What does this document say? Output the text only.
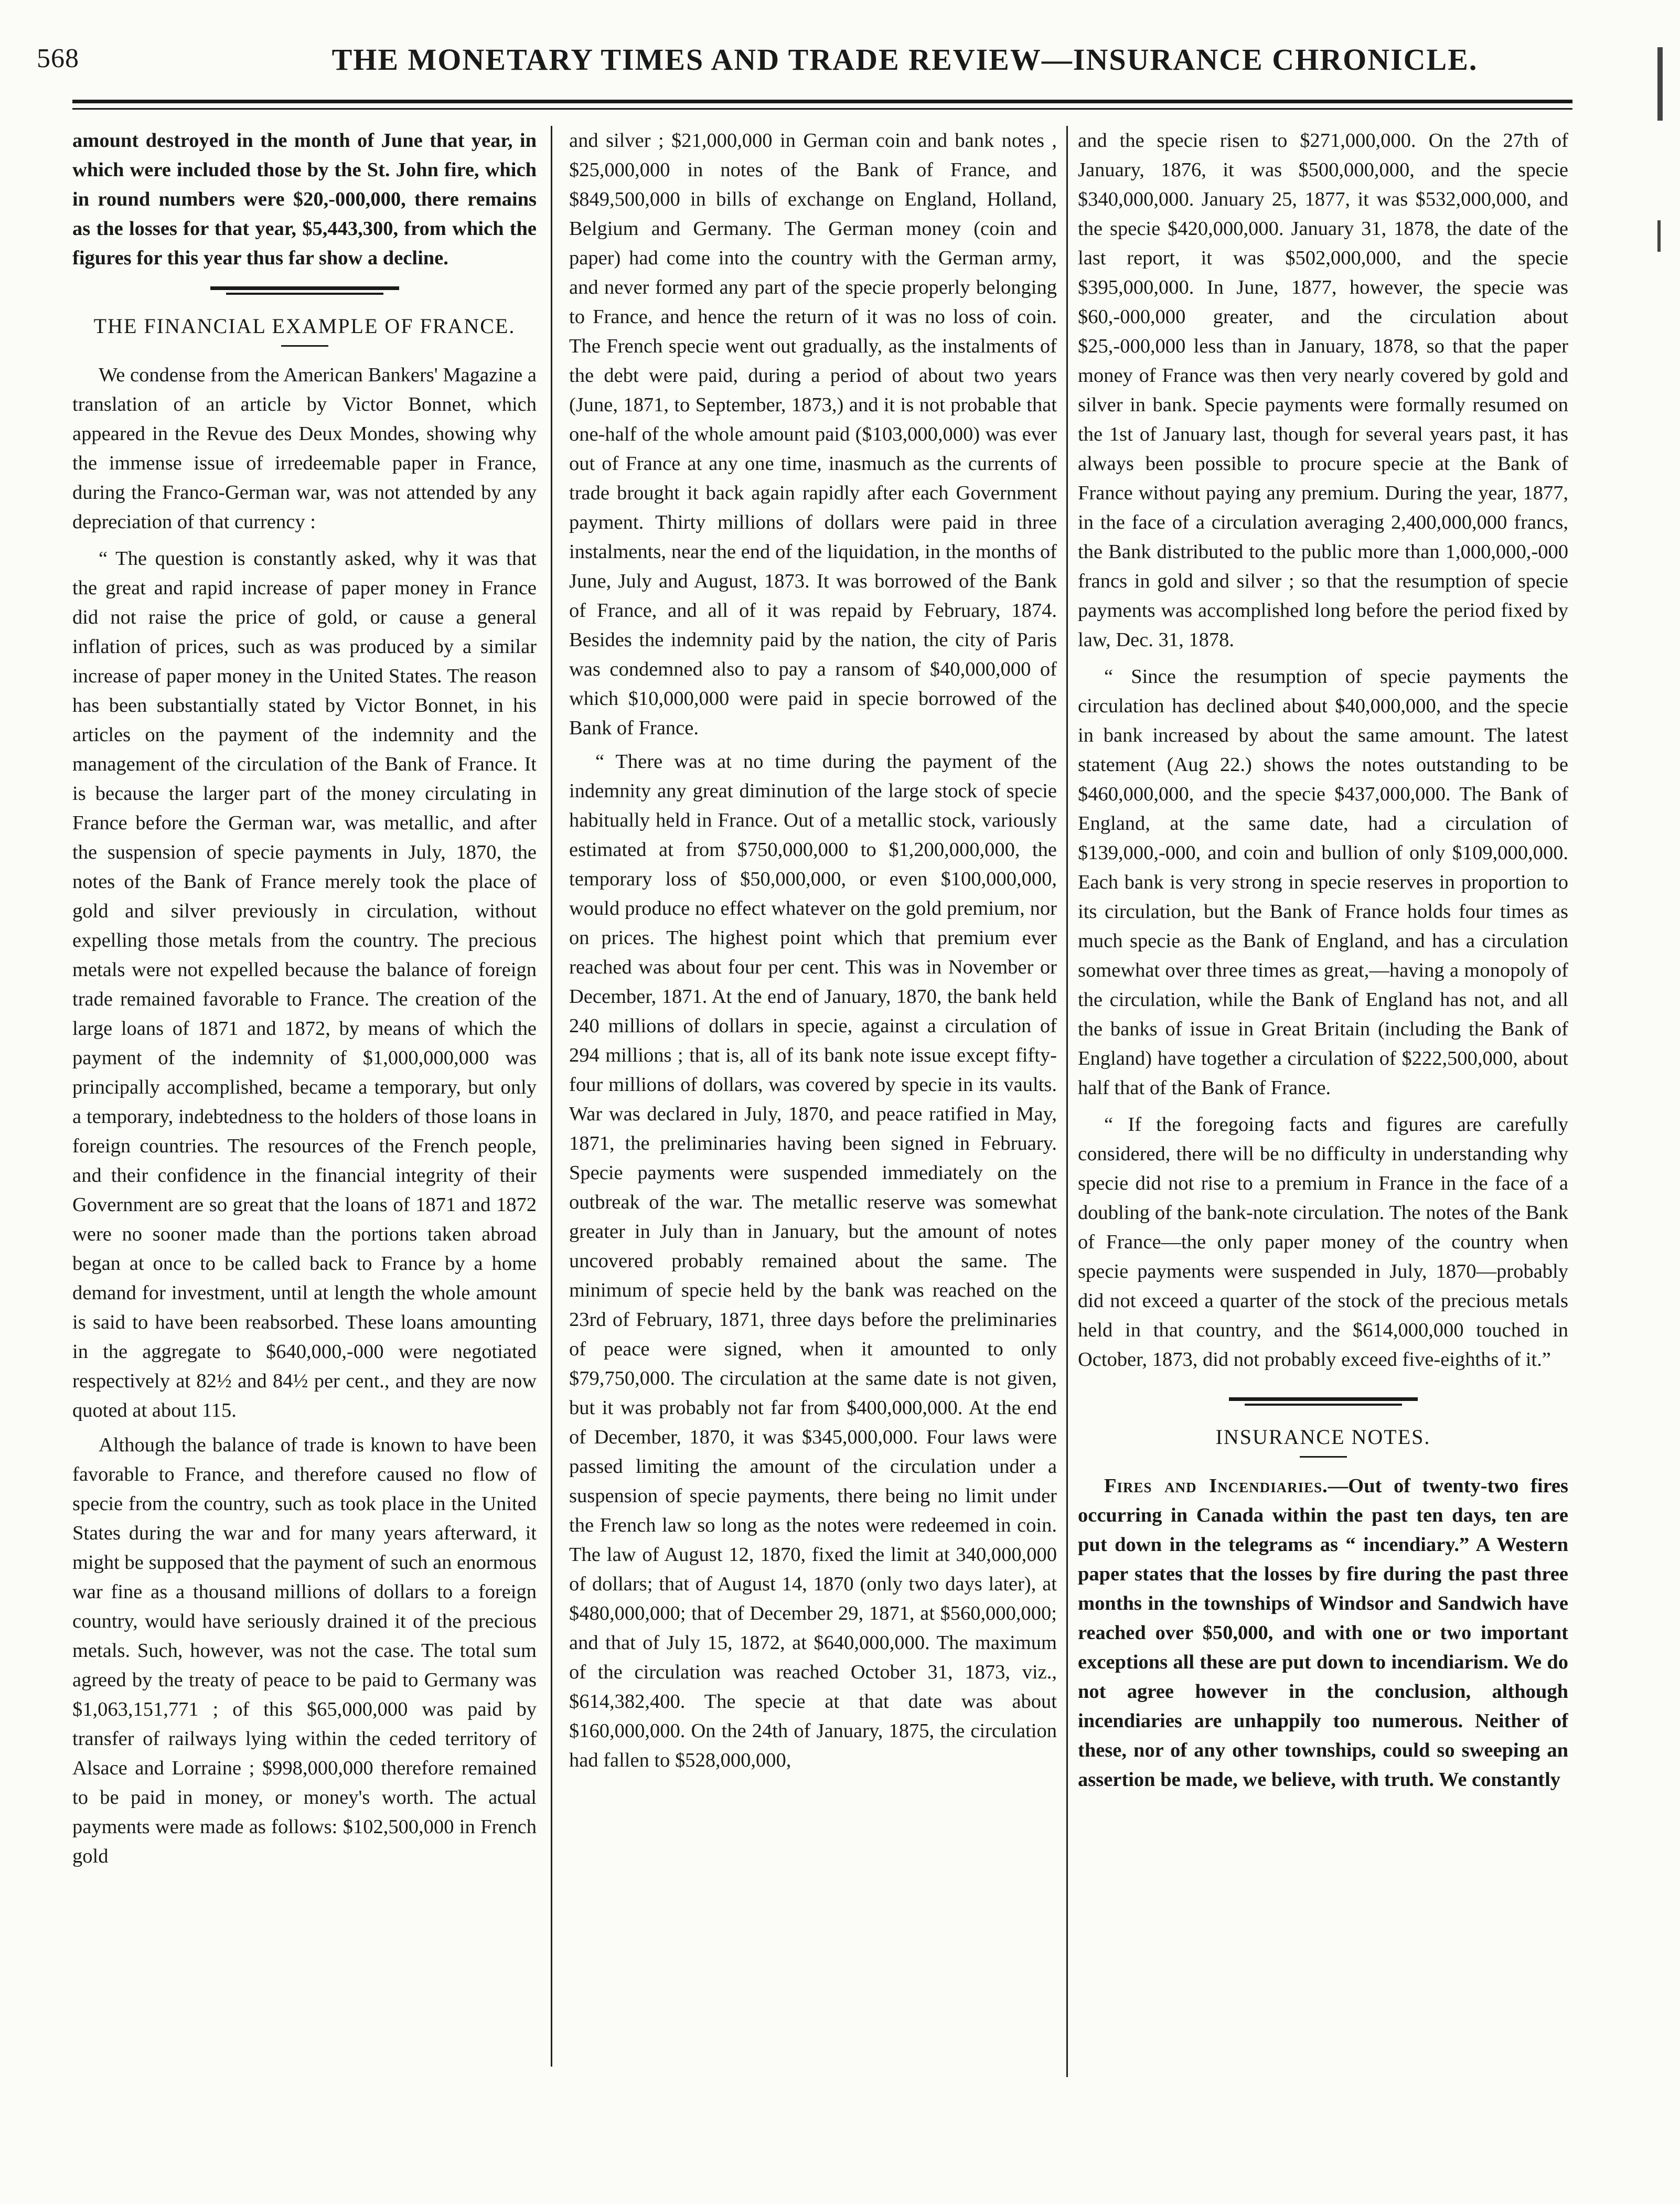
568	THE MONETARY TIMES AND TRADE REVIEW—INSURANCE CHRONICLE.

amount destroyed in the month of June that year, in which were included those by the St. John fire, which in round numbers were $20,-000,000, there remains as the losses for that year, $5,443,300, from which the figures for this year thus far show a decline.

THE FINANCIAL EXAMPLE OF FRANCE.

We condense from the American Bankers' Magazine a translation of an article by Victor Bonnet, which appeared in the Revue des Deux Mondes, showing why the immense issue of irredeemable paper in France, during the Franco-German war, was not attended by any depreciation of that currency :

“ The question is constantly asked, why it was that the great and rapid increase of paper money in France did not raise the price of gold, or cause a general inflation of prices, such as was produced by a similar increase of paper money in the United States. The reason has been substantially stated by Victor Bonnet, in his articles on the payment of the indemnity and the management of the circulation of the Bank of France. It is because the larger part of the money circulating in France before the German war, was metallic, and after the suspension of specie payments in July, 1870, the notes of the Bank of France merely took the place of gold and silver previously in circulation, without expelling those metals from the country. The precious metals were not expelled because the balance of foreign trade remained favorable to France. The creation of the large loans of 1871 and 1872, by means of which the payment of the indemnity of $1,000,000,000 was principally accomplished, became a temporary, but only a temporary, indebtedness to the holders of those loans in foreign countries. The resources of the French people, and their confidence in the financial integrity of their Government are so great that the loans of 1871 and 1872 were no sooner made than the portions taken abroad began at once to be called back to France by a home demand for investment, until at length the whole amount is said to have been reabsorbed. These loans amounting in the aggregate to $640,000,-000 were negotiated respectively at 82½ and 84½ per cent., and they are now quoted at about 115.

Although the balance of trade is known to have been favorable to France, and therefore caused no flow of specie from the country, such as took place in the United States during the war and for many years afterward, it might be supposed that the payment of such an enormous war fine as a thousand millions of dollars to a foreign country, would have seriously drained it of the precious metals. Such, however, was not the case. The total sum agreed by the treaty of peace to be paid to Germany was $1,063,151,771 ; of this $65,000,000 was paid by transfer of railways lying within the ceded territory of Alsace and Lorraine ; $998,000,000 therefore remained to be paid in money, or money's worth. The actual payments were made as follows: $102,500,000 in French gold

and silver ; $21,000,000 in German coin and bank notes , $25,000,000 in notes of the Bank of France, and $849,500,000 in bills of exchange on England, Holland, Belgium and Germany. The German money (coin and paper) had come into the country with the German army, and never formed any part of the specie properly belonging to France, and hence the return of it was no loss of coin. The French specie went out gradually, as the instalments of the debt were paid, during a period of about two years (June, 1871, to September, 1873,) and it is not probable that one-half of the whole amount paid ($103,000,000) was ever out of France at any one time, inasmuch as the currents of trade brought it back again rapidly after each Government payment. Thirty millions of dollars were paid in three instalments, near the end of the liquidation, in the months of June, July and August, 1873. It was borrowed of the Bank of France, and all of it was repaid by February, 1874. Besides the indemnity paid by the nation, the city of Paris was condemned also to pay a ransom of $40,000,000 of which $10,000,000 were paid in specie borrowed of the Bank of France.

“ There was at no time during the payment of the indemnity any great diminution of the large stock of specie habitually held in France. Out of a metallic stock, variously estimated at from $750,000,000 to $1,200,000,000, the temporary loss of $50,000,000, or even $100,000,000, would produce no effect whatever on the gold premium, nor on prices. The highest point which that premium ever reached was about four per cent. This was in November or December, 1871. At the end of January, 1870, the bank held 240 millions of dollars in specie, against a circulation of 294 millions ; that is, all of its bank note issue except fifty-four millions of dollars, was covered by specie in its vaults. War was declared in July, 1870, and peace ratified in May, 1871, the preliminaries having been signed in February. Specie payments were suspended immediately on the outbreak of the war. The metallic reserve was somewhat greater in July than in January, but the amount of notes uncovered probably remained about the same. The minimum of specie held by the bank was reached on the 23rd of February, 1871, three days before the preliminaries of peace were signed, when it amounted to only $79,750,000. The circulation at the same date is not given, but it was probably not far from $400,000,000. At the end of December, 1870, it was $345,000,000. Four laws were passed limiting the amount of the circulation under a suspension of specie payments, there being no limit under the French law so long as the notes were redeemed in coin. The law of August 12, 1870, fixed the limit at 340,000,000 of dollars; that of August 14, 1870 (only two days later), at $480,000,000; that of December 29, 1871, at $560,000,000; and that of July 15, 1872, at $640,000,000. The maximum of the circulation was reached October 31, 1873, viz., $614,382,400. The specie at that date was about $160,000,000. On the 24th of January, 1875, the circulation had fallen to $528,000,000,

and the specie risen to $271,000,000. On the 27th of January, 1876, it was $500,000,000, and the specie $340,000,000. January 25, 1877, it was $532,000,000, and the specie $420,000,000. January 31, 1878, the date of the last report, it was $502,000,000, and the specie $395,000,000. In June, 1877, however, the specie was $60,-000,000 greater, and the circulation about $25,-000,000 less than in January, 1878, so that the paper money of France was then very nearly covered by gold and silver in bank. Specie payments were formally resumed on the 1st of January last, though for several years past, it has always been possible to procure specie at the Bank of France without paying any premium. During the year, 1877, in the face of a circulation averaging 2,400,000,000 francs, the Bank distributed to the public more than 1,000,000,-000 francs in gold and silver ; so that the resumption of specie payments was accomplished long before the period fixed by law, Dec. 31, 1878.

“ Since the resumption of specie payments the circulation has declined about $40,000,000, and the specie in bank increased by about the same amount. The latest statement (Aug 22.) shows the notes outstanding to be $460,000,000, and the specie $437,000,000. The Bank of England, at the same date, had a circulation of $139,000,-000, and coin and bullion of only $109,000,000. Each bank is very strong in specie reserves in proportion to its circulation, but the Bank of France holds four times as much specie as the Bank of England, and has a circulation somewhat over three times as great,—having a monopoly of the circulation, while the Bank of England has not, and all the banks of issue in Great Britain (including the Bank of England) have together a circulation of $222,500,000, about half that of the Bank of France.

“ If the foregoing facts and figures are carefully considered, there will be no difficulty in understanding why specie did not rise to a premium in France in the face of a doubling of the bank-note circulation. The notes of the Bank of France—the only paper money of the country when specie payments were suspended in July, 1870—probably did not exceed a quarter of the stock of the precious metals held in that country, and the $614,000,000 touched in October, 1873, did not probably exceed five-eighths of it.”

INSURANCE NOTES.

Fires and Incendiaries.—Out of twenty-two fires occurring in Canada within the past ten days, ten are put down in the telegrams as “ incendiary.” A Western paper states that the losses by fire during the past three months in the townships of Windsor and Sandwich have reached over $50,000, and with one or two important exceptions all these are put down to incendiarism. We do not agree however in the conclusion, although incendiaries are unhappily too numerous. Neither of these, nor of any other townships, could so sweeping an assertion be made, we believe, with truth. We constantly
